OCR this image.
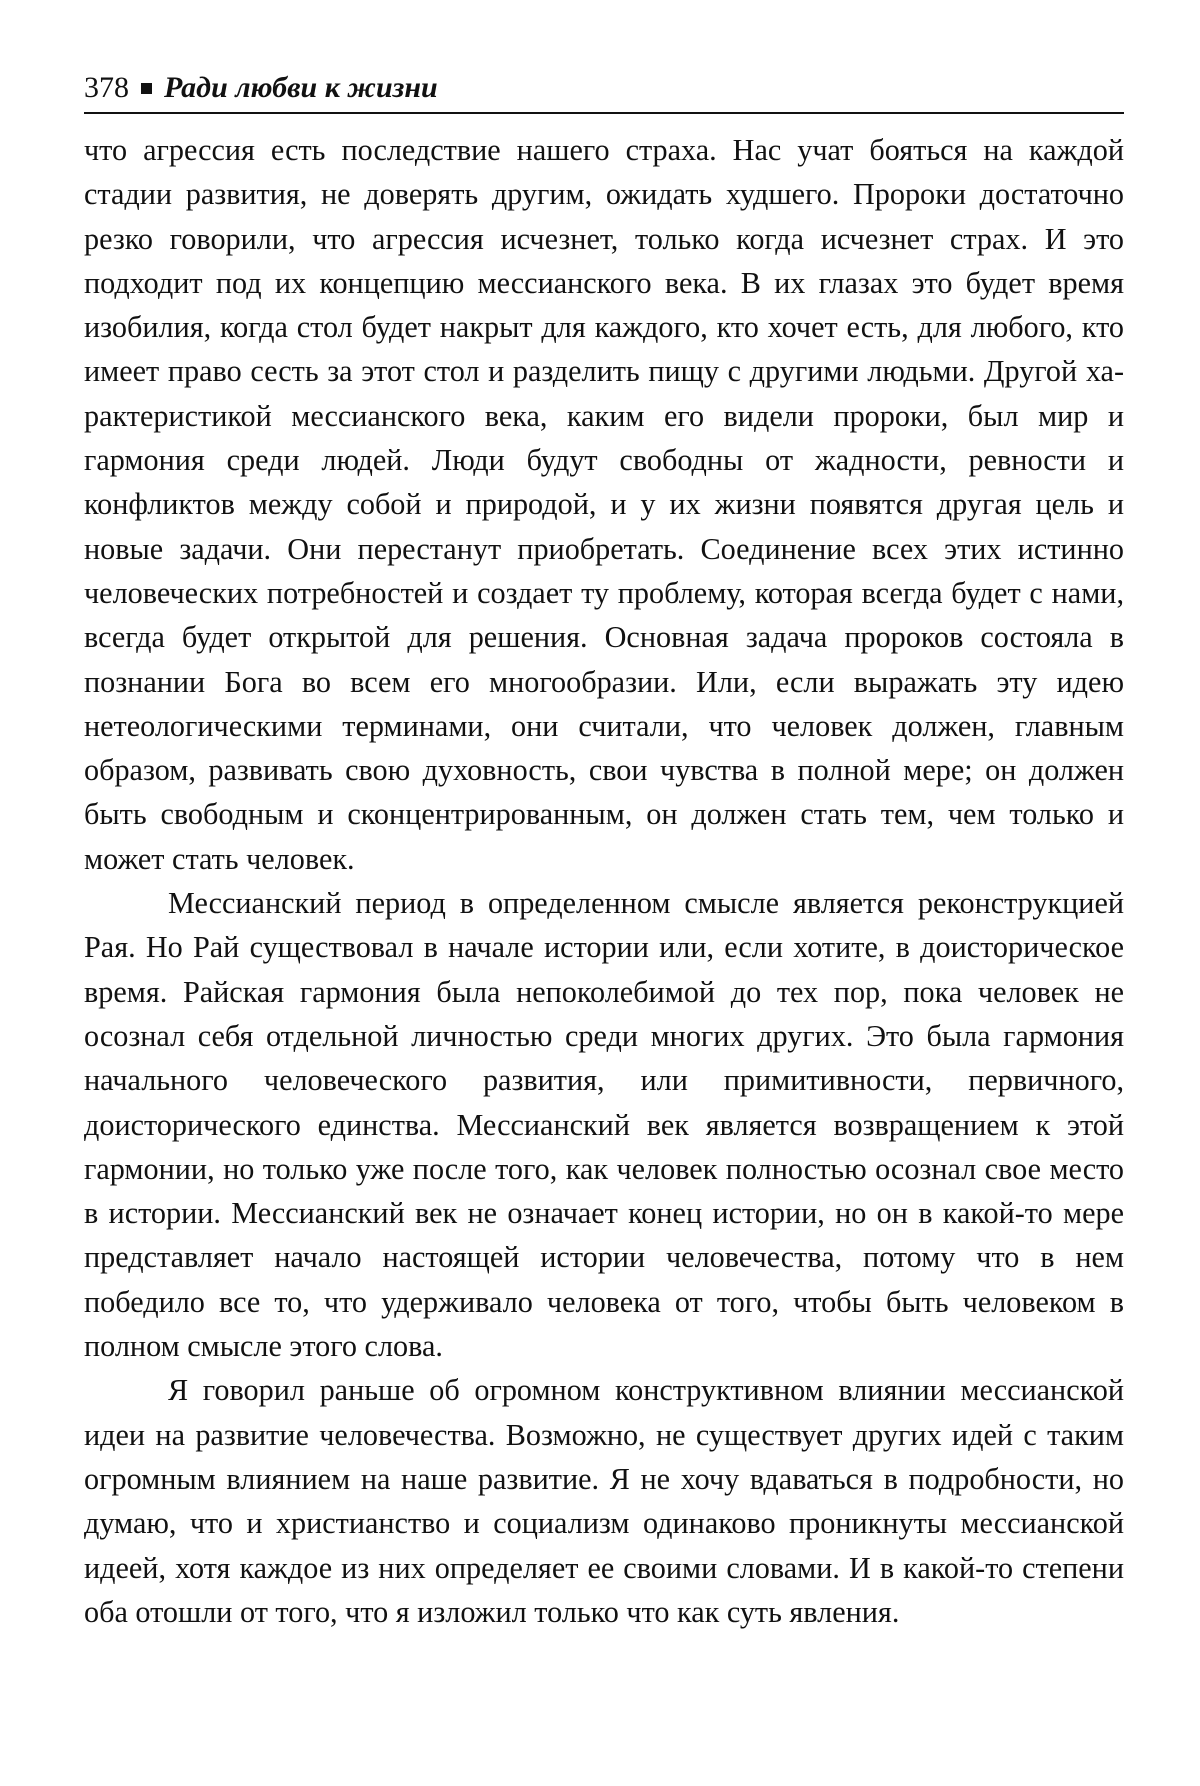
378 Ради любви к жизни

что агрессия есть последствие нашего страха. Нас учат бояться на каждой стадии развития, не доверять другим, ожидать худшего. Пророки достаточно резко говорили, что агрессия исчезнет, только когда исчезнет страх. И это подходит под их концепцию мессианского века. В их глазах это будет время изобилия, когда стол будет накрыт для каждого, кто хочет есть, для любого, кто имеет право сесть за этот стол и разделить пищу с другими людьми. Другой характеристикой мессианского века, каким его видели пророки, был мир и гармония среди людей. Люди будут свободны от жадности, ревности и конфликтов между собой и природой, и у их жизни появятся другая цель и новые задачи. Они перестанут приобретать. Соединение всех этих истинно человеческих потребностей и создает ту проблему, которая всегда будет с нами, всегда будет открытой для решения. Основная задача пророков состояла в познании Бога во всем его многообразии. Или, если выражать эту идею нетеологическими терминами, они считали, что человек должен, главным образом, развивать свою духовность, свои чувства в полной мере; он должен быть свободным и сконцентрированным, он должен стать тем, чем только и может стать человек.

Мессианский период в определенном смысле является реконструкцией Рая. Но Рай существовал в начале истории или, если хотите, в доисторическое время. Райская гармония была непоколебимой до тех пор, пока человек не осознал себя отдельной личностью среди многих других. Это была гармония начального человеческого развития, или примитивности, первичного, доисторического единства. Мессианский век является возвращением к этой гармонии, но только уже после того, как человек полностью осознал свое место в истории. Мессианский век не означает конец истории, но он в какой-то мере представляет начало настоящей истории человечества, потому что в нем победило все то, что удерживало человека от того, чтобы быть человеком в полном смысле этого слова.

Я говорил раньше об огромном конструктивном влиянии мессианской идеи на развитие человечества. Возможно, не существует других идей с таким огромным влиянием на наше развитие. Я не хочу вдаваться в подробности, но думаю, что и христианство и социализм одинаково проникнуты мессианской идеей, хотя каждое из них определяет ее своими словами. И в какой-то степени оба отошли от того, что я изложил только что как суть явления.
